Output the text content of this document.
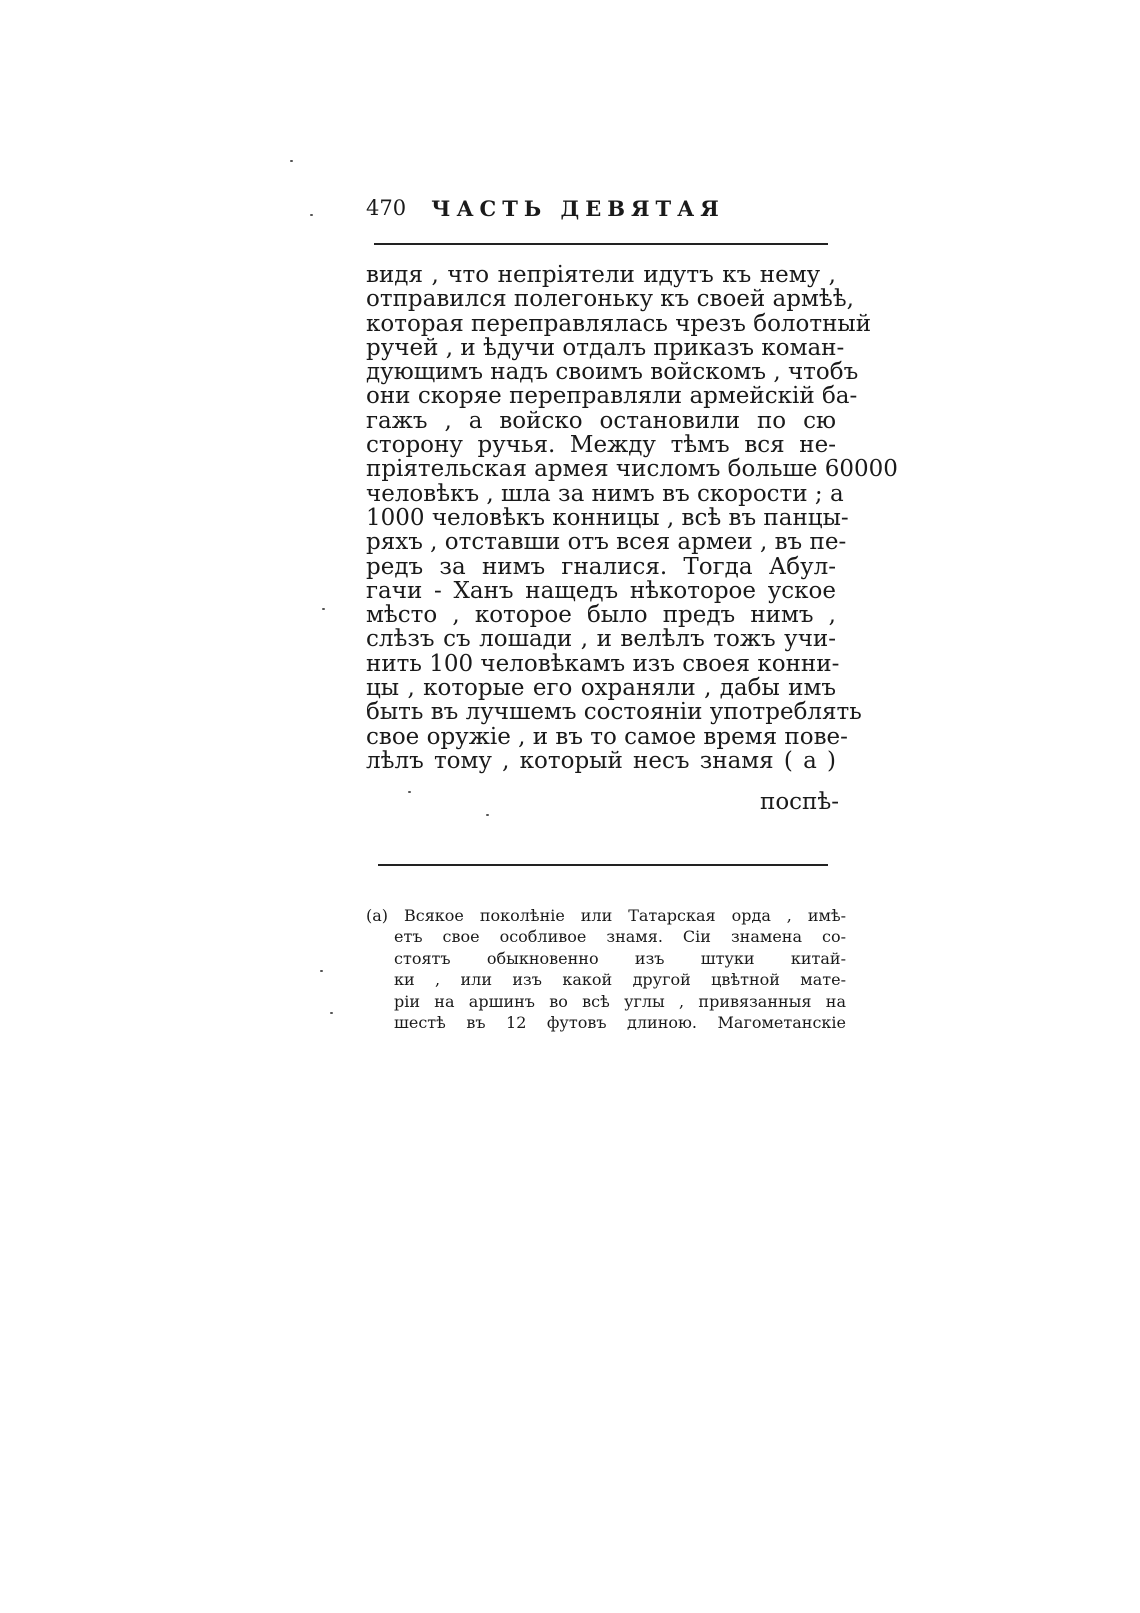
470	ЧАСТЬ ДЕВЯТАЯ
видя , что непріятели идутъ къ нему ,
отправился полегоньку къ своей армѣѣ,
которая переправлялась чрезъ болотный
ручей , и ѣдучи отдалъ приказъ коман-
дующимъ надъ своимъ войскомъ , чтобъ
они скоряе переправляли армейскій ба-
гажъ , а войско остановили по сю
сторону ручья. Между тѣмъ вся не-
пріятельская армея числомъ больше 60000
человѣкъ , шла за нимъ въ скорости ; а
1000 человѣкъ конницы , всѣ въ панцы-
ряхъ , отставши отъ всея армеи , въ пе-
редъ за нимъ гналися. Тогда Абул-
гачи - Ханъ нащедъ нѣкоторое уское
мѣсто , которое было предъ нимъ ,
слѣзъ съ лошади , и велѣлъ тожъ учи-
нить 100 человѣкамъ изъ своея конни-
цы , которые его охраняли , дабы имъ
быть въ лучшемъ состояніи употреблять
свое оружіе , и въ то самое время пове-
лѣлъ тому , который несъ знамя ( a )
поспѣ-
(a) Всякое поколѣніе или Татарская орда , имѣ-
етъ свое особливое знамя. Сіи знамена со-
стоятъ обыкновенно изъ штуки китай-
ки , или изъ какой другой цвѣтной мате-
ріи на аршинъ во всѣ углы , привязанныя на
шестѣ въ 12 футовъ длиною. Магометанскіе
